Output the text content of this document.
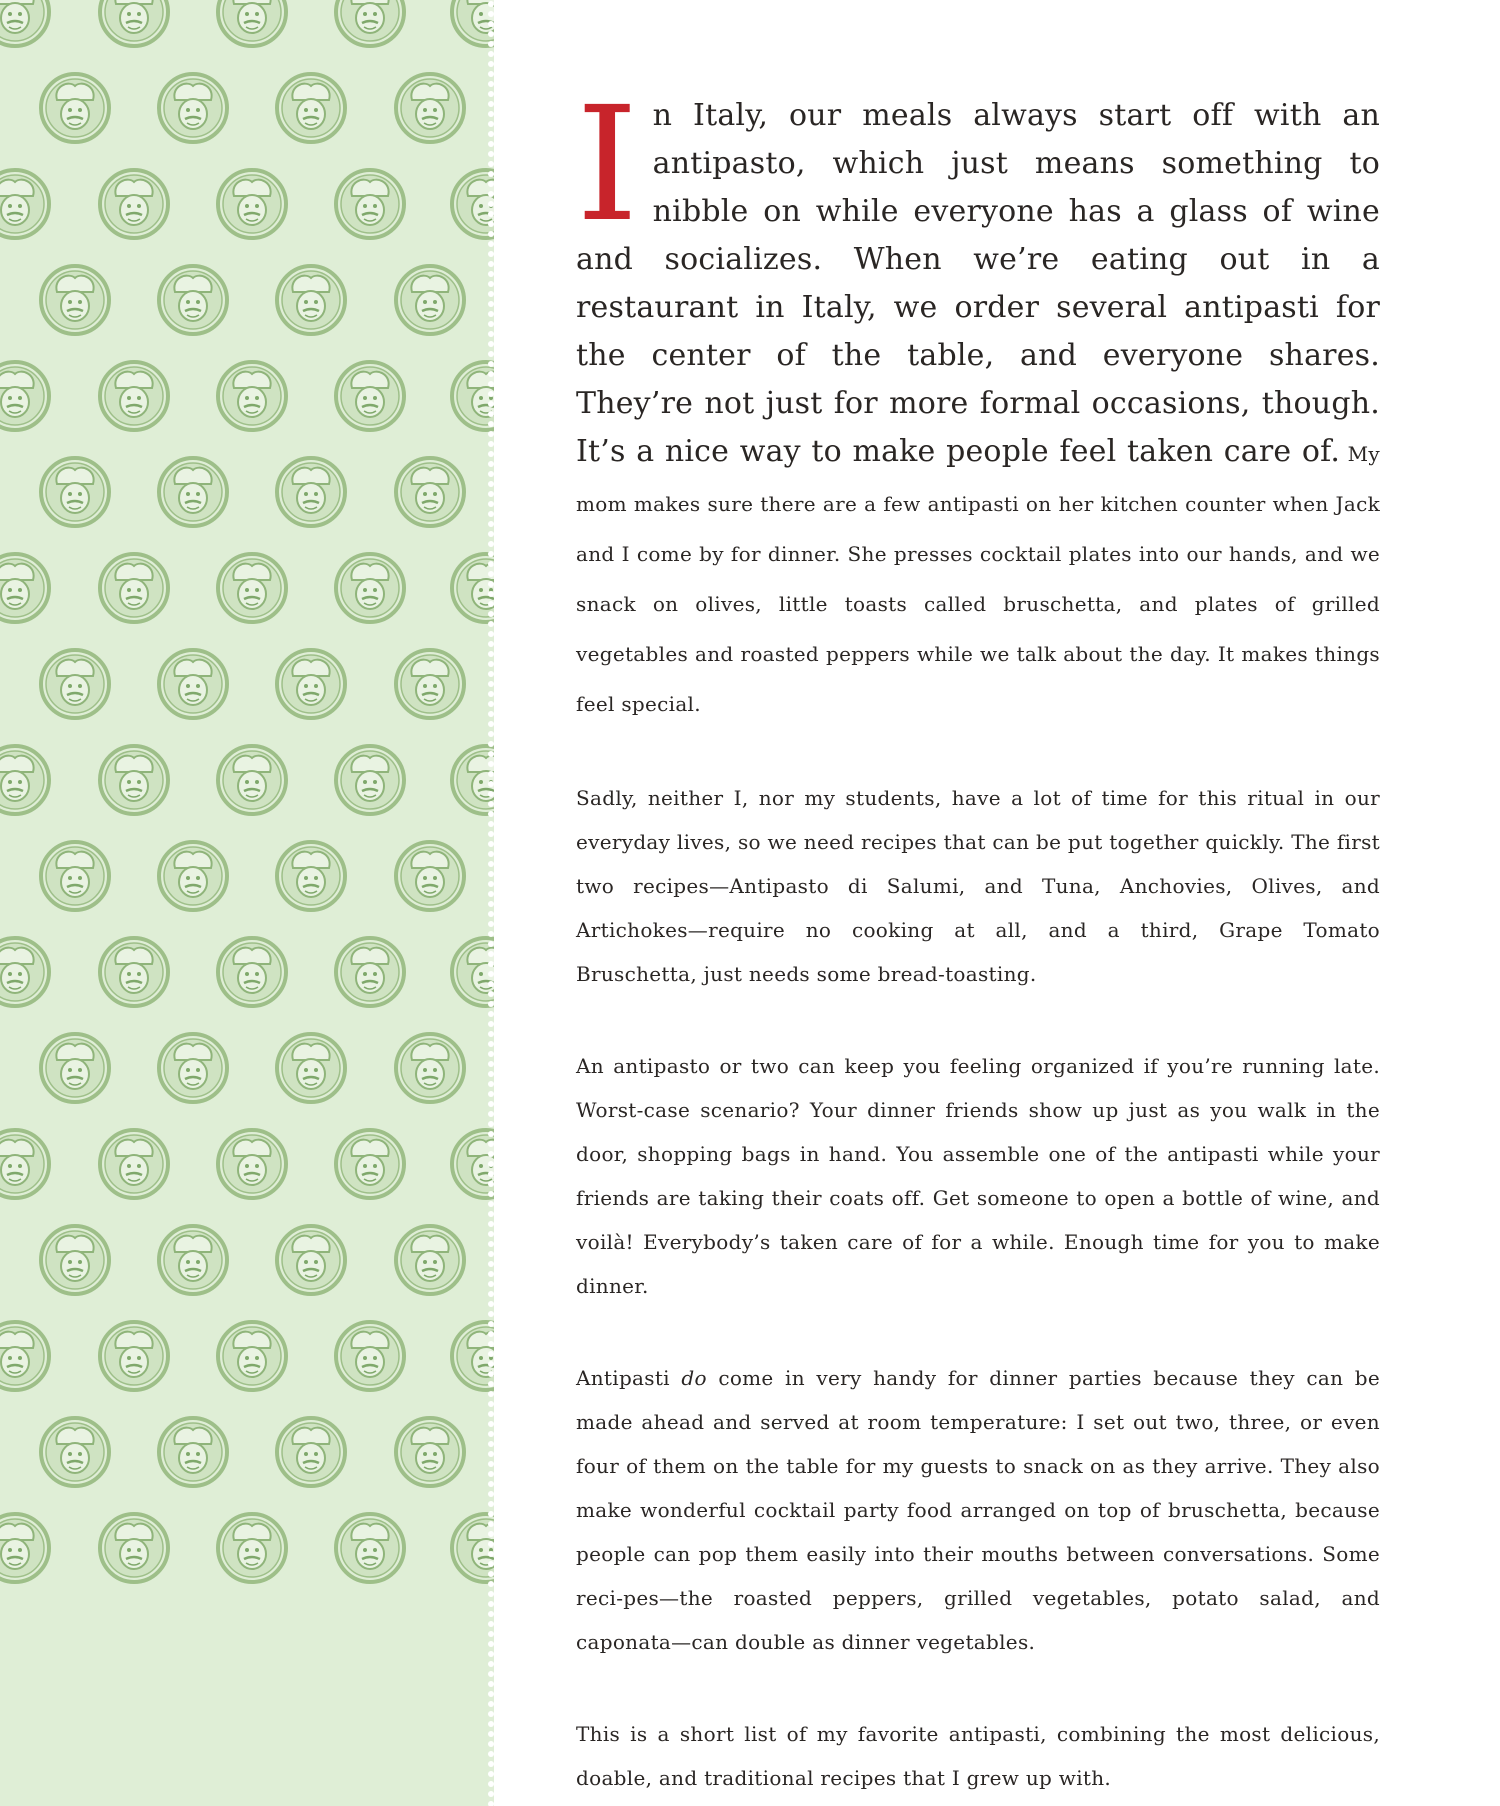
In Italy, our meals always start off with an antipasto, which just means something to nibble on while everyone has a glass of wine and socializes. When we’re eating out in a restaurant in Italy, we order several antipasti for the center of the table, and everyone shares. They’re not just for more formal occasions, though. It’s a nice way to make people feel taken care of. My mom makes sure there are a few antipasti on her kitchen counter when Jack and I come by for dinner. She presses cocktail plates into our hands, and we snack on olives, little toasts called bruschetta, and plates of grilled vegetables and roasted peppers while we talk about the day. It makes things feel special.

Sadly, neither I, nor my students, have a lot of time for this ritual in our everyday lives, so we need recipes that can be put together quickly. The first two recipes—Antipasto di Salumi, and Tuna, Anchovies, Olives, and Artichokes—require no cooking at all, and a third, Grape Tomato Bruschetta, just needs some bread-toasting.

An antipasto or two can keep you feeling organized if you’re running late. Worst-case scenario? Your dinner friends show up just as you walk in the door, shopping bags in hand. You assemble one of the antipasti while your friends are taking their coats off. Get someone to open a bottle of wine, and voilà! Everybody’s taken care of for a while. Enough time for you to make dinner.

Antipasti do come in very handy for dinner parties because they can be made ahead and served at room temperature: I set out two, three, or even four of them on the table for my guests to snack on as they arrive. They also make wonderful cocktail party food arranged on top of bruschetta, because people can pop them easily into their mouths between conversations. Some reci-pes—the roasted peppers, grilled vegetables, potato salad, and caponata—can double as dinner vegetables.

This is a short list of my favorite antipasti, combining the most delicious, doable, and traditional recipes that I grew up with.
